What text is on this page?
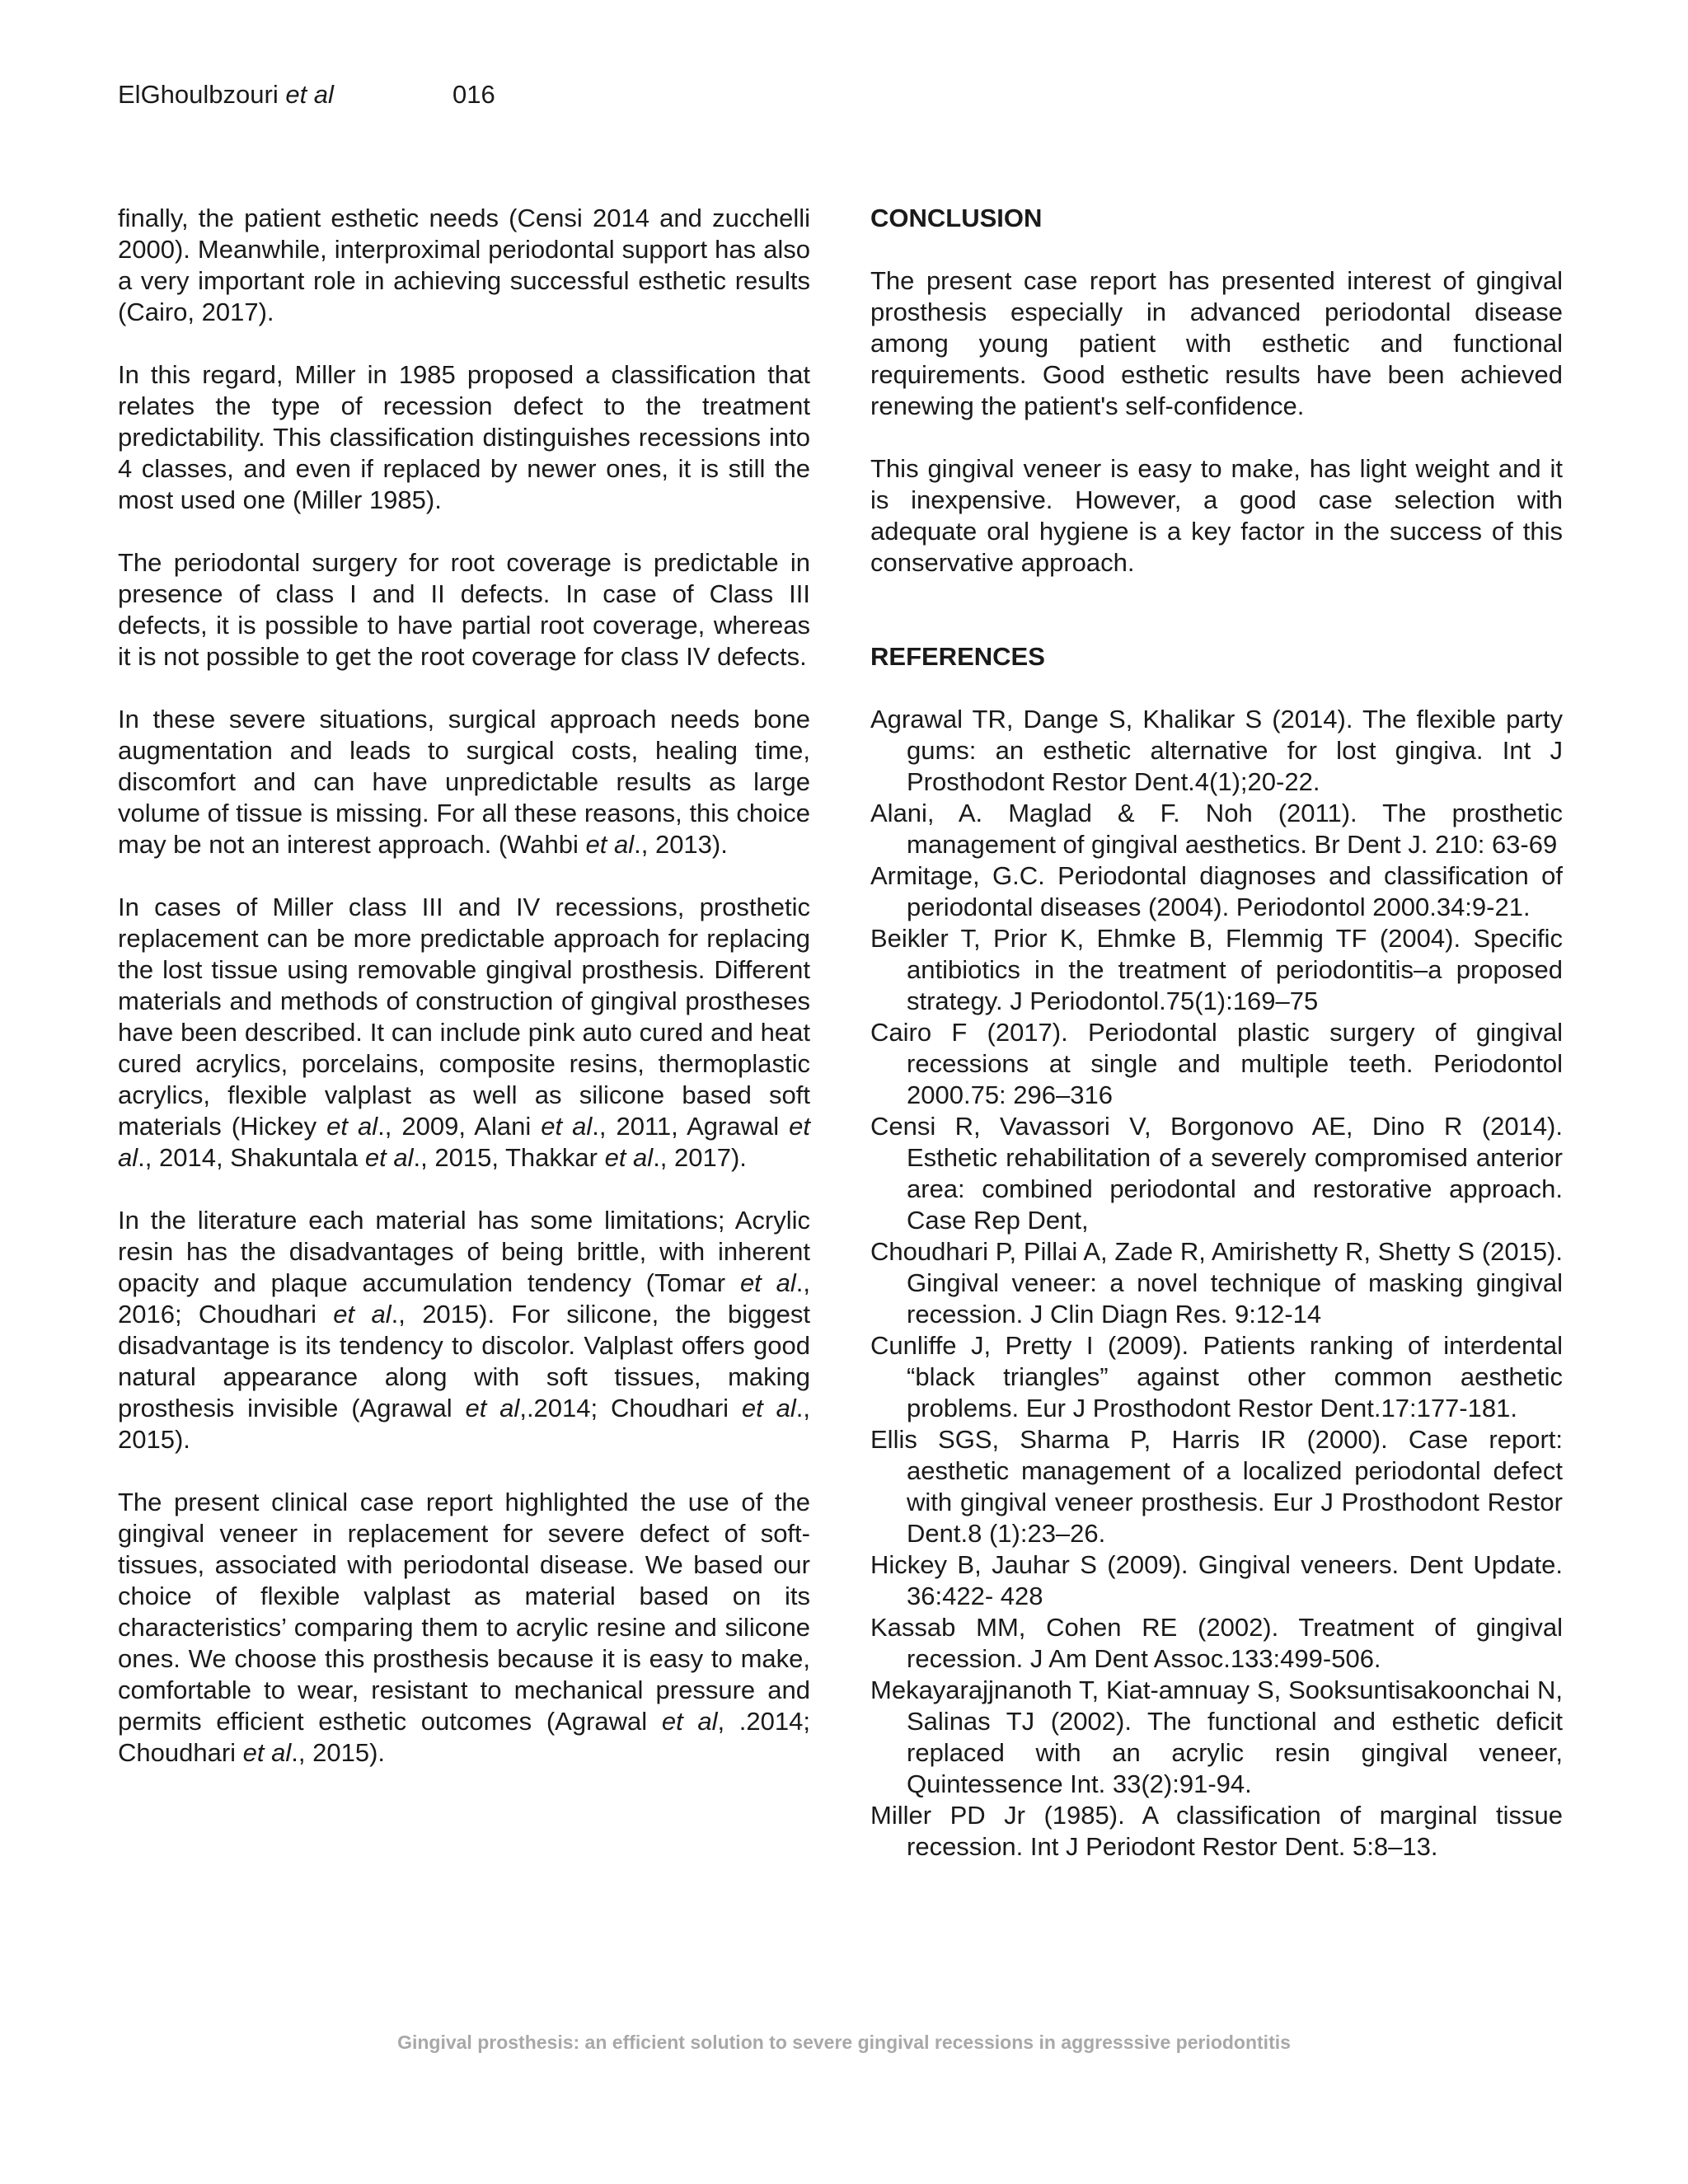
ElGhoulbzouri et al	016

finally, the patient esthetic needs (Censi 2014 and zucchelli 2000). Meanwhile, interproximal periodontal support has also a very important role in achieving successful esthetic results (Cairo, 2017).

In this regard, Miller in 1985 proposed a classification that relates the type of recession defect to the treatment predictability. This classification distinguishes recessions into 4 classes, and even if replaced by newer ones, it is still the most used one (Miller 1985).

The periodontal surgery for root coverage is predictable in presence of class I and II defects. In case of Class III defects, it is possible to have partial root coverage, whereas it is not possible to get the root coverage for class IV defects.

In these severe situations, surgical approach needs bone augmentation and leads to surgical costs, healing time, discomfort and can have unpredictable results as large volume of tissue is missing. For all these reasons, this choice may be not an interest approach. (Wahbi et al., 2013).

In cases of Miller class III and IV recessions, prosthetic replacement can be more predictable approach for replacing the lost tissue using removable gingival prosthesis. Different materials and methods of construction of gingival prostheses have been described. It can include pink auto cured and heat cured acrylics, porcelains, composite resins, thermoplastic acrylics, flexible valplast as well as silicone based soft materials (Hickey et al., 2009, Alani et al., 2011, Agrawal et al., 2014, Shakuntala et al., 2015, Thakkar et al., 2017).

In the literature each material has some limitations; Acrylic resin has the disadvantages of being brittle, with inherent opacity and plaque accumulation tendency (Tomar et al., 2016; Choudhari et al., 2015). For silicone, the biggest disadvantage is its tendency to discolor. Valplast offers good natural appearance along with soft tissues, making prosthesis invisible (Agrawal et al,.2014; Choudhari et al., 2015).

The present clinical case report highlighted the use of the gingival veneer in replacement for severe defect of soft-tissues, associated with periodontal disease. We based our choice of flexible valplast as material based on its characteristics’ comparing them to acrylic resine and silicone ones. We choose this prosthesis because it is easy to make, comfortable to wear, resistant to mechanical pressure and permits efficient esthetic outcomes (Agrawal et al, .2014; Choudhari et al., 2015).

CONCLUSION

The present case report has presented interest of gingival prosthesis especially in advanced periodontal disease among young patient with esthetic and functional requirements. Good esthetic results have been achieved renewing the patient's self-confidence.

This gingival veneer is easy to make, has light weight and it is inexpensive. However, a good case selection with adequate oral hygiene is a key factor in the success of this conservative approach.

REFERENCES
Agrawal TR, Dange S, Khalikar S (2014). The flexible party gums: an esthetic alternative for lost gingiva. Int J Prosthodont Restor Dent.4(1);20-22.
Alani, A. Maglad & F. Noh (2011). The prosthetic management of gingival aesthetics. Br Dent J. 210: 63-69
Armitage, G.C. Periodontal diagnoses and classification of periodontal diseases (2004). Periodontol 2000.34:9-21.
Beikler T, Prior K, Ehmke B, Flemmig TF (2004). Specific antibiotics in the treatment of periodontitis–a proposed strategy. J Periodontol.75(1):169–75
Cairo F (2017). Periodontal plastic surgery of gingival recessions at single and multiple teeth. Periodontol 2000.75: 296–316
Censi R, Vavassori V, Borgonovo AE, Dino R (2014). Esthetic rehabilitation of a severely compromised anterior area: combined periodontal and restorative approach. Case Rep Dent,
Choudhari P, Pillai A, Zade R, Amirishetty R, Shetty S (2015). Gingival veneer: a novel technique of masking gingival recession. J Clin Diagn Res. 9:12-14
Cunliffe J, Pretty I (2009). Patients ranking of interdental “black triangles” against other common aesthetic problems. Eur J Prosthodont Restor Dent.17:177-181.
Ellis SGS, Sharma P, Harris IR (2000). Case report: aesthetic management of a localized periodontal defect with gingival veneer prosthesis. Eur J Prosthodont Restor Dent.8 (1):23–26.
Hickey B, Jauhar S (2009). Gingival veneers. Dent Update. 36:422- 428
Kassab MM, Cohen RE (2002). Treatment of gingival recession. J Am Dent Assoc.133:499-506.
Mekayarajjnanoth T, Kiat-amnuay S, Sooksuntisakoonchai N, Salinas TJ (2002). The functional and esthetic deficit replaced with an acrylic resin gingival veneer, Quintessence Int. 33(2):91-94.
Miller PD Jr (1985). A classification of marginal tissue recession. Int J Periodont Restor Dent. 5:8–13.
Gingival prosthesis: an efficient solution to severe gingival recessions in aggresssive periodontitis
